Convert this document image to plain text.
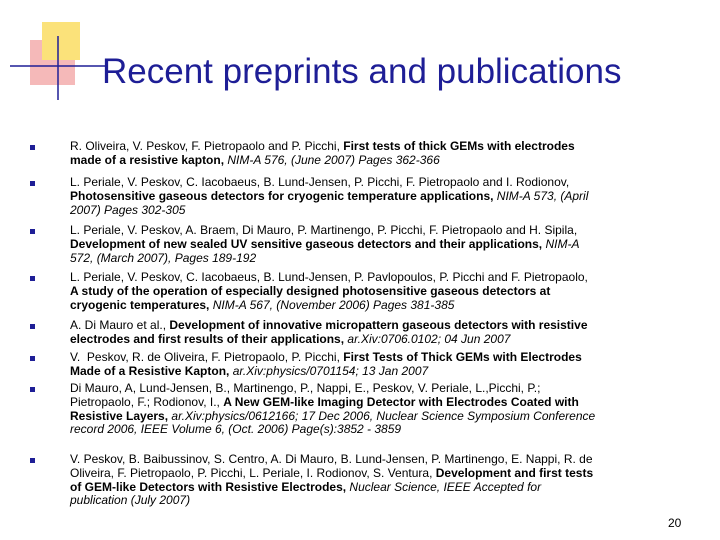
Recent preprints and publications
R. Oliveira, V. Peskov, F. Pietropaolo and P. Picchi, First tests of thick GEMs with electrodes
made of a resistive kapton, NIM-A 576, (June 2007) Pages 362-366
L. Periale, V. Peskov, C. Iacobaeus, B. Lund-Jensen, P. Picchi, F. Pietropaolo and I. Rodionov,
Photosensitive gaseous detectors for cryogenic temperature applications, NIM-A 573, (April
2007) Pages 302-305
L. Periale, V. Peskov, A. Braem, Di Mauro, P. Martinengo, P. Picchi, F. Pietropaolo and H. Sipila,
Development of new sealed UV sensitive gaseous detectors and their applications, NIM-A
572, (March 2007), Pages 189-192
L. Periale, V. Peskov, C. Iacobaeus, B. Lund-Jensen, P. Pavlopoulos, P. Picchi and F. Pietropaolo,
A study of the operation of especially designed photosensitive gaseous detectors at
cryogenic temperatures, NIM-A 567, (November 2006) Pages 381-385
A. Di Mauro et al., Development of innovative micropattern gaseous detectors with resistive
electrodes and first results of their applications, ar.Xiv:0706.0102; 04 Jun 2007
V.  Peskov, R. de Oliveira, F. Pietropaolo, P. Picchi, First Tests of Thick GEMs with Electrodes
Made of a Resistive Kapton, ar.Xiv:physics/0701154; 13 Jan 2007
Di Mauro, A, Lund-Jensen, B., Martinengo, P., Nappi, E., Peskov, V. Periale, L.,Picchi, P.;
Pietropaolo, F.; Rodionov, I., A New GEM-like Imaging Detector with Electrodes Coated with
Resistive Layers, ar.Xiv:physics/0612166; 17 Dec 2006, Nuclear Science Symposium Conference
record 2006, IEEE Volume 6, (Oct. 2006) Page(s):3852 - 3859
V. Peskov, B. Baibussinov, S. Centro, A. Di Mauro, B. Lund-Jensen, P. Martinengo, E. Nappi, R. de
Oliveira, F. Pietropaolo, P. Picchi, L. Periale, I. Rodionov, S. Ventura, Development and first tests
of GEM-like Detectors with Resistive Electrodes, Nuclear Science, IEEE Accepted for
publication (July 2007)
20
